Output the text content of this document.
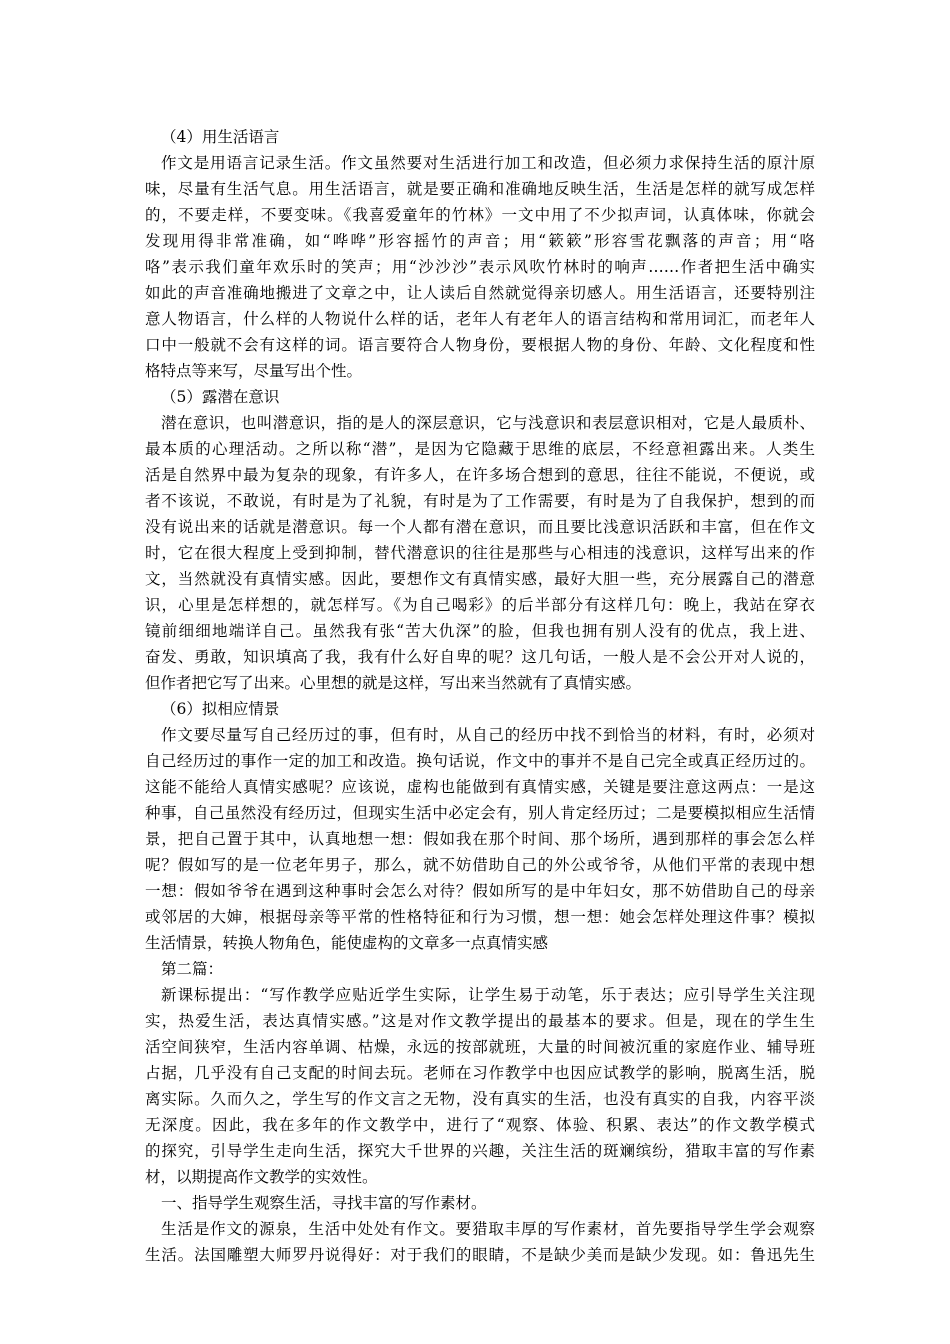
（4）用生活语言
作文是用语言记录生活。作文虽然要对生活进行加工和改造，但必须力求保持生活的原汁原
味，尽量有生活气息。用生活语言，就是要正确和准确地反映生活，生活是怎样的就写成怎样
的，不要走样，不要变味。《我喜爱童年的竹林》一文中用了不少拟声词，认真体味，你就会
发现用得非常准确，如“哗哗”形容摇竹的声音；用“簌簌”形容雪花飘落的声音；用“咯
咯”表示我们童年欢乐时的笑声；用“沙沙沙”表示风吹竹林时的响声……作者把生活中确实
如此的声音准确地搬进了文章之中，让人读后自然就觉得亲切感人。用生活语言，还要特别注
意人物语言，什么样的人物说什么样的话，老年人有老年人的语言结构和常用词汇，而老年人
口中一般就不会有这样的词。语言要符合人物身份，要根据人物的身份、年龄、文化程度和性
格特点等来写，尽量写出个性。
（5）露潜在意识
潜在意识，也叫潜意识，指的是人的深层意识，它与浅意识和表层意识相对，它是人最质朴、
最本质的心理活动。之所以称“潜”，是因为它隐藏于思维的底层，不经意袒露出来。人类生
活是自然界中最为复杂的现象，有许多人，在许多场合想到的意思，往往不能说，不便说，或
者不该说，不敢说，有时是为了礼貌，有时是为了工作需要，有时是为了自我保护，想到的而
没有说出来的话就是潜意识。每一个人都有潜在意识，而且要比浅意识活跃和丰富，但在作文
时，它在很大程度上受到抑制，替代潜意识的往往是那些与心相违的浅意识，这样写出来的作
文，当然就没有真情实感。因此，要想作文有真情实感，最好大胆一些，充分展露自己的潜意
识，心里是怎样想的，就怎样写。《为自己喝彩》的后半部分有这样几句：晚上，我站在穿衣
镜前细细地端详自己。虽然我有张“苦大仇深”的脸，但我也拥有别人没有的优点，我上进、
奋发、勇敢，知识填高了我，我有什么好自卑的呢？这几句话，一般人是不会公开对人说的，
但作者把它写了出来。心里想的就是这样，写出来当然就有了真情实感。
（6）拟相应情景
作文要尽量写自己经历过的事，但有时，从自己的经历中找不到恰当的材料，有时，必须对
自己经历过的事作一定的加工和改造。换句话说，作文中的事并不是自己完全或真正经历过的。
这能不能给人真情实感呢？应该说，虚构也能做到有真情实感，关键是要注意这两点：一是这
种事，自己虽然没有经历过，但现实生活中必定会有，别人肯定经历过；二是要模拟相应生活情
景，把自己置于其中，认真地想一想：假如我在那个时间、那个场所，遇到那样的事会怎么样
呢？假如写的是一位老年男子，那么，就不妨借助自己的外公或爷爷，从他们平常的表现中想
一想：假如爷爷在遇到这种事时会怎么对待？假如所写的是中年妇女，那不妨借助自己的母亲
或邻居的大婶，根据母亲等平常的性格特征和行为习惯，想一想：她会怎样处理这件事？模拟
生活情景，转换人物角色，能使虚构的文章多一点真情实感
第二篇：
新课标提出：“写作教学应贴近学生实际，让学生易于动笔，乐于表达；应引导学生关注现
实，热爱生活，表达真情实感。”这是对作文教学提出的最基本的要求。但是，现在的学生生
活空间狭窄，生活内容单调、枯燥，永远的按部就班，大量的时间被沉重的家庭作业、辅导班
占据，几乎没有自己支配的时间去玩。老师在习作教学中也因应试教学的影响，脱离生活，脱
离实际。久而久之，学生写的作文言之无物，没有真实的生活，也没有真实的自我，内容平淡
无深度。因此，我在多年的作文教学中，进行了“观察、体验、积累、表达”的作文教学模式
的探究，引导学生走向生活，探究大千世界的兴趣，关注生活的斑斓缤纷，猎取丰富的写作素
材，以期提高作文教学的实效性。
一、指导学生观察生活，寻找丰富的写作素材。
生活是作文的源泉，生活中处处有作文。要猎取丰厚的写作素材，首先要指导学生学会观察
生活。法国雕塑大师罗丹说得好：对于我们的眼睛，不是缺少美而是缺少发现。如：鲁迅先生
